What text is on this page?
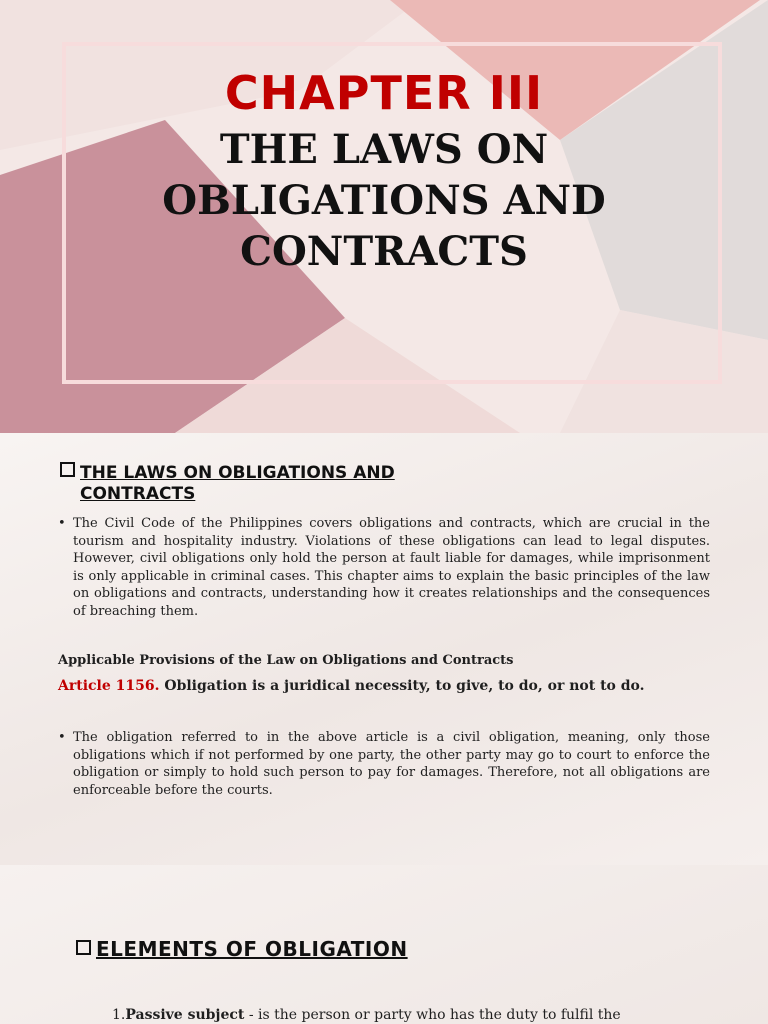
CHAPTER III
THE LAWS ON
OBLIGATIONS AND
CONTRACTS
THE LAWS ON OBLIGATIONS AND
CONTRACTS
• The Civil Code of the Philippines covers obligations and contracts, which are crucial in the tourism and hospitality industry. Violations of these obligations can lead to legal disputes. However, civil obligations only hold the person at fault liable for damages, while imprisonment is only applicable in criminal cases. This chapter aims to explain the basic principles of the law on obligations and contracts, understanding how it creates relationships and the consequences of breaching them.
Applicable Provisions of the Law on Obligations and Contracts
Article 1156. Obligation is a juridical necessity, to give, to do, or not to do.
• The obligation referred to in the above article is a civil obligation, meaning, only those obligations which if not performed by one party, the other party may go to court to enforce the obligation or simply to hold such person to pay for damages. Therefore, not all obligations are enforceable before the courts.
ELEMENTS OF OBLIGATION
1.Passive subject - is the person or party who has the duty to fulfil the
